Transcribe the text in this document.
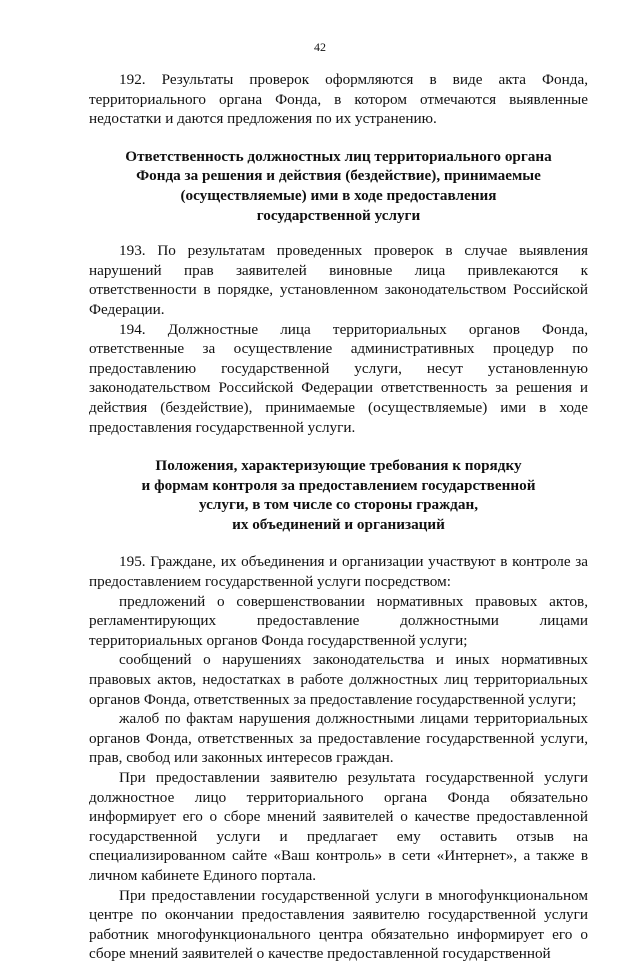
42

192. Результаты проверок оформляются в виде акта Фонда, территориального органа Фонда, в котором отмечаются выявленные недостатки и даются предложения по их устранению.

Ответственность должностных лиц территориального органа
Фонда за решения и действия (бездействие), принимаемые
(осуществляемые) ими в ходе предоставления
государственной услуги

193. По результатам проведенных проверок в случае выявления нарушений прав заявителей виновные лица привлекаются к ответственности в порядке, установленном законодательством Российской Федерации.

194. Должностные лица территориальных органов Фонда, ответственные за осуществление административных процедур по предоставлению государственной услуги, несут установленную законодательством Российской Федерации ответственность за решения и действия (бездействие), принимаемые (осуществляемые) ими в ходе предоставления государственной услуги.

Положения, характеризующие требования к порядку
и формам контроля за предоставлением государственной
услуги, в том числе со стороны граждан,
их объединений и организаций

195. Граждане, их объединения и организации участвуют в контроле за предоставлением государственной услуги посредством:

предложений о совершенствовании нормативных правовых актов, регламентирующих предоставление должностными лицами территориальных органов Фонда государственной услуги;

сообщений о нарушениях законодательства и иных нормативных правовых актов, недостатках в работе должностных лиц территориальных органов Фонда, ответственных за предоставление государственной услуги;

жалоб по фактам нарушения должностными лицами территориальных органов Фонда, ответственных за предоставление государственной услуги, прав, свобод или законных интересов граждан.

При предоставлении заявителю результата государственной услуги должностное лицо территориального органа Фонда обязательно информирует его о сборе мнений заявителей о качестве предоставленной государственной услуги и предлагает ему оставить отзыв на специализированном сайте «Ваш контроль» в сети «Интернет», а также в личном кабинете Единого портала.

При предоставлении государственной услуги в многофункциональном центре по окончании предоставления заявителю государственной услуги работник многофункционального центра обязательно информирует его о сборе мнений заявителей о качестве предоставленной государственной
